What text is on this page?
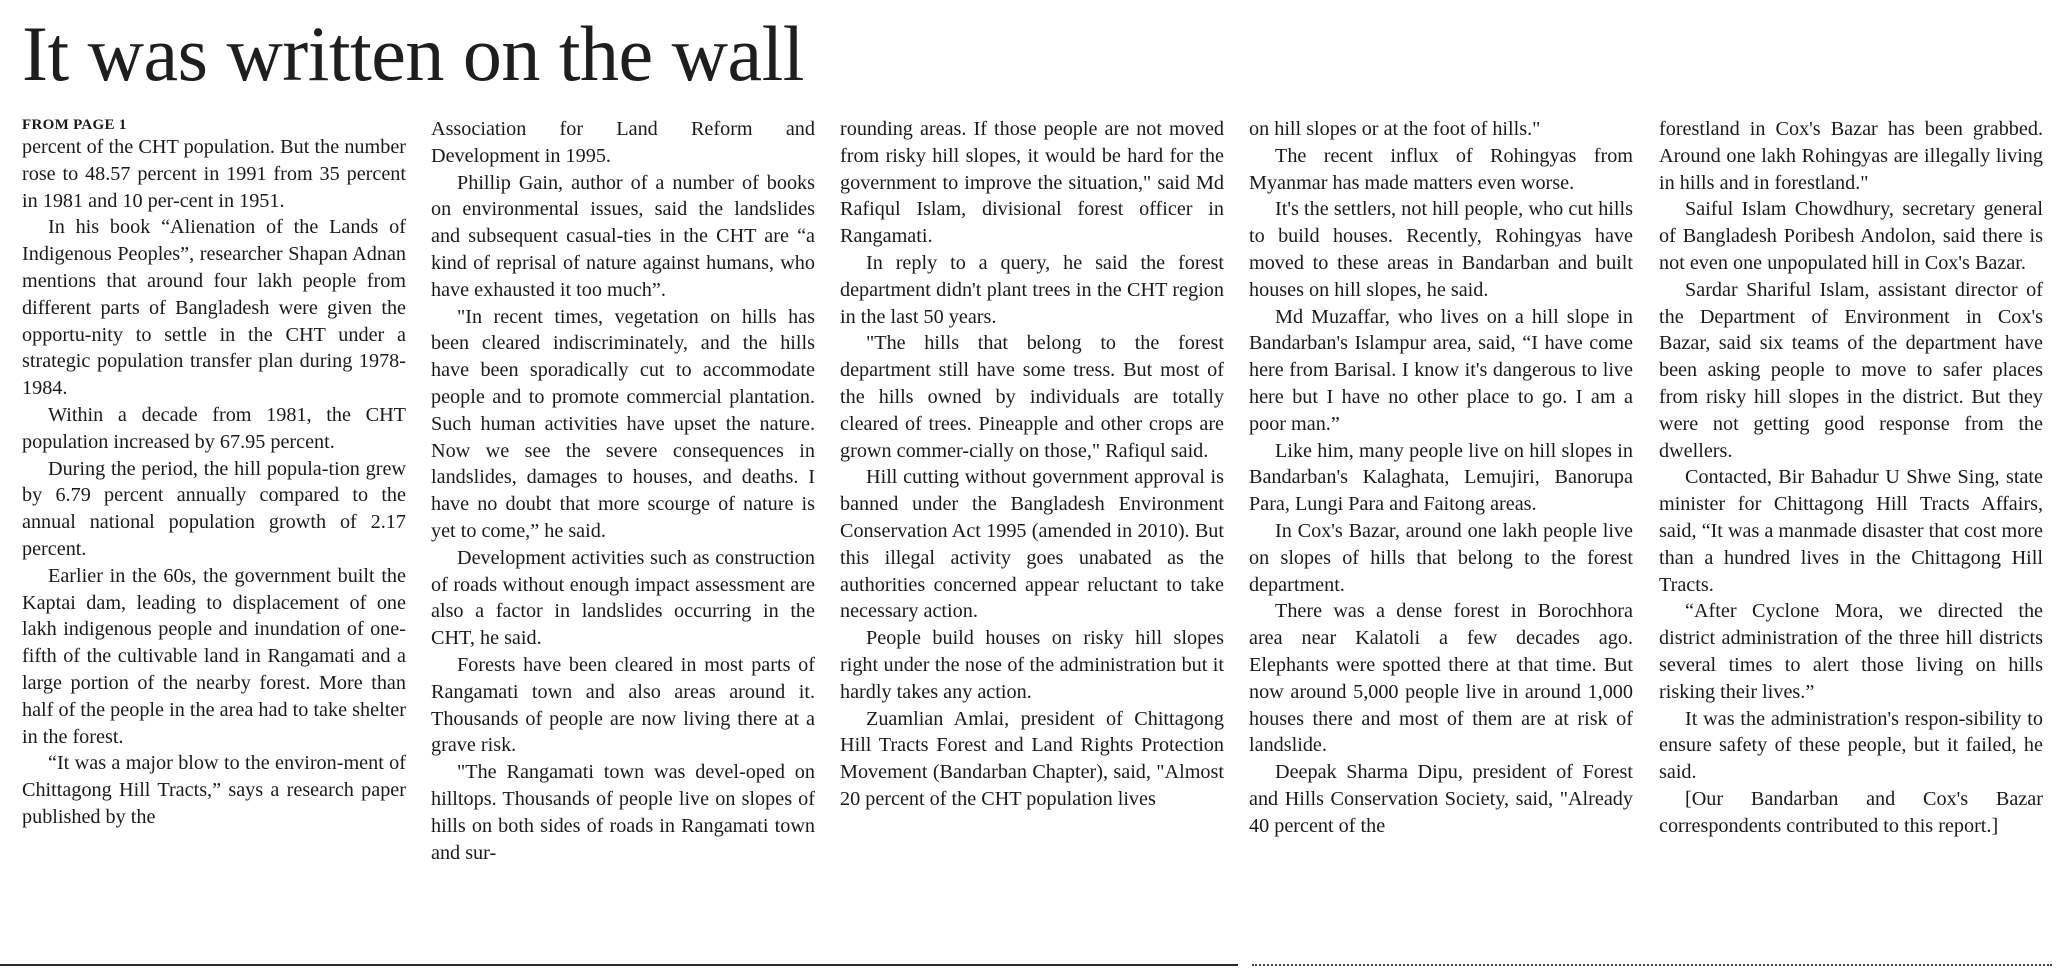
It was written on the wall
FROM PAGE 1

percent of the CHT population. But the number rose to 48.57 percent in 1991 from 35 percent in 1981 and 10 per-cent in 1951.

In his book “Alienation of the Lands of Indigenous Peoples”, researcher Shapan Adnan mentions that around four lakh people from different parts of Bangladesh were given the opportu-nity to settle in the CHT under a strategic population transfer plan during 1978-1984.

Within a decade from 1981, the CHT population increased by 67.95 percent.

During the period, the hill popula-tion grew by 6.79 percent annually compared to the annual national population growth of 2.17 percent.

Earlier in the 60s, the government built the Kaptai dam, leading to displacement of one lakh indigenous people and inundation of one-fifth of the cultivable land in Rangamati and a large portion of the nearby forest. More than half of the people in the area had to take shelter in the forest.

“It was a major blow to the environ-ment of Chittagong Hill Tracts,” says a research paper published by the

Association for Land Reform and Development in 1995.

Phillip Gain, author of a number of books on environmental issues, said the landslides and subsequent casual-ties in the CHT are “a kind of reprisal of nature against humans, who have exhausted it too much”.

"In recent times, vegetation on hills has been cleared indiscriminately, and the hills have been sporadically cut to accommodate people and to promote commercial plantation. Such human activities have upset the nature. Now we see the severe consequences in landslides, damages to houses, and deaths. I have no doubt that more scourge of nature is yet to come,” he said.

Development activities such as construction of roads without enough impact assessment are also a factor in landslides occurring in the CHT, he said.

Forests have been cleared in most parts of Rangamati town and also areas around it. Thousands of people are now living there at a grave risk.

"The Rangamati town was devel-oped on hilltops. Thousands of people live on slopes of hills on both sides of roads in Rangamati town and sur-

rounding areas. If those people are not moved from risky hill slopes, it would be hard for the government to improve the situation," said Md Rafiqul Islam, divisional forest officer in Rangamati.

In reply to a query, he said the forest department didn't plant trees in the CHT region in the last 50 years.

"The hills that belong to the forest department still have some tress. But most of the hills owned by individuals are totally cleared of trees. Pineapple and other crops are grown commer-cially on those," Rafiqul said.

Hill cutting without government approval is banned under the Bangladesh Environment Conservation Act 1995 (amended in 2010). But this illegal activity goes unabated as the authorities concerned appear reluctant to take necessary action.

People build houses on risky hill slopes right under the nose of the administration but it hardly takes any action.

Zuamlian Amlai, president of Chittagong Hill Tracts Forest and Land Rights Protection Movement (Bandarban Chapter), said, "Almost 20 percent of the CHT population lives

on hill slopes or at the foot of hills."

The recent influx of Rohingyas from Myanmar has made matters even worse.

It's the settlers, not hill people, who cut hills to build houses. Recently, Rohingyas have moved to these areas in Bandarban and built houses on hill slopes, he said.

Md Muzaffar, who lives on a hill slope in Bandarban's Islampur area, said, “I have come here from Barisal. I know it's dangerous to live here but I have no other place to go. I am a poor man.”

Like him, many people live on hill slopes in Bandarban's Kalaghata, Lemujiri, Banorupa Para, Lungi Para and Faitong areas.

In Cox's Bazar, around one lakh people live on slopes of hills that belong to the forest department.

There was a dense forest in Borochhora area near Kalatoli a few decades ago. Elephants were spotted there at that time. But now around 5,000 people live in around 1,000 houses there and most of them are at risk of landslide.

Deepak Sharma Dipu, president of Forest and Hills Conservation Society, said, "Already 40 percent of the

forestland in Cox's Bazar has been grabbed. Around one lakh Rohingyas are illegally living in hills and in forestland."

Saiful Islam Chowdhury, secretary general of Bangladesh Poribesh Andolon, said there is not even one unpopulated hill in Cox's Bazar.

Sardar Shariful Islam, assistant director of the Department of Environment in Cox's Bazar, said six teams of the department have been asking people to move to safer places from risky hill slopes in the district. But they were not getting good response from the dwellers.

Contacted, Bir Bahadur U Shwe Sing, state minister for Chittagong Hill Tracts Affairs, said, “It was a manmade disaster that cost more than a hundred lives in the Chittagong Hill Tracts.

“After Cyclone Mora, we directed the district administration of the three hill districts several times to alert those living on hills risking their lives.”

It was the administration's respon-sibility to ensure safety of these people, but it failed, he said.

[Our Bandarban and Cox's Bazar correspondents contributed to this report.]
